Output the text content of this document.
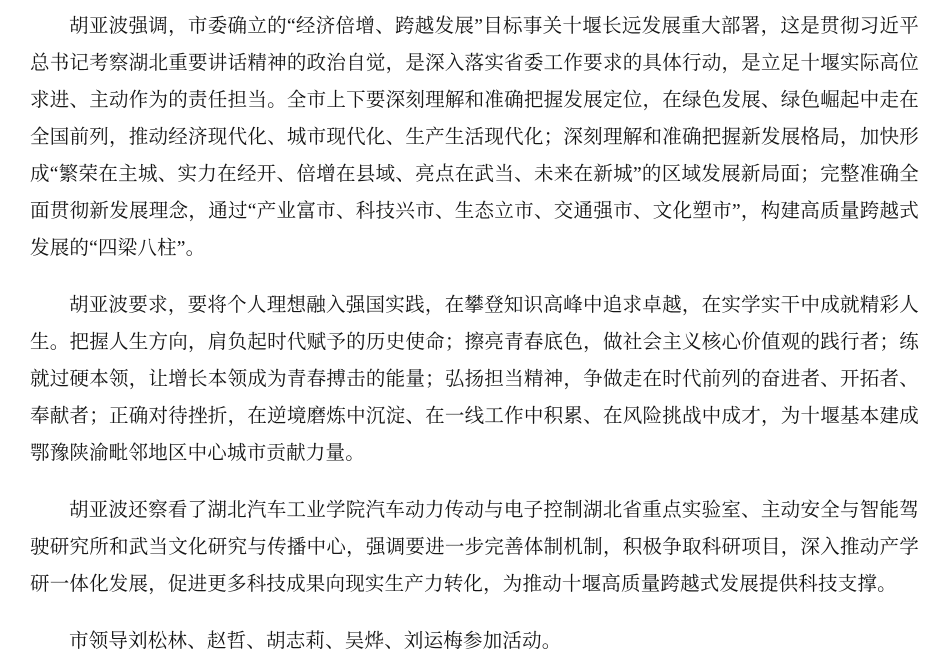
胡亚波强调，市委确立的“经济倍增、跨越发展”目标事关十堰长远发展重大部署，这是贯彻习近平总书记考察湖北重要讲话精神的政治自觉，是深入落实省委工作要求的具体行动，是立足十堰实际高位求进、主动作为的责任担当。全市上下要深刻理解和准确把握发展定位，在绿色发展、绿色崛起中走在全国前列，推动经济现代化、城市现代化、生产生活现代化；深刻理解和准确把握新发展格局，加快形成“繁荣在主城、实力在经开、倍增在县域、亮点在武当、未来在新城”的区域发展新局面；完整准确全面贯彻新发展理念，通过“产业富市、科技兴市、生态立市、交通强市、文化塑市”，构建高质量跨越式发展的“四梁八柱”。

胡亚波要求，要将个人理想融入强国实践，在攀登知识高峰中追求卓越，在实学实干中成就精彩人生。把握人生方向，肩负起时代赋予的历史使命；擦亮青春底色，做社会主义核心价值观的践行者；练就过硬本领，让增长本领成为青春搏击的能量；弘扬担当精神，争做走在时代前列的奋进者、开拓者、奉献者；正确对待挫折，在逆境磨炼中沉淀、在一线工作中积累、在风险挑战中成才，为十堰基本建成鄂豫陕渝毗邻地区中心城市贡献力量。

胡亚波还察看了湖北汽车工业学院汽车动力传动与电子控制湖北省重点实验室、主动安全与智能驾驶研究所和武当文化研究与传播中心，强调要进一步完善体制机制，积极争取科研项目，深入推动产学研一体化发展，促进更多科技成果向现实生产力转化，为推动十堰高质量跨越式发展提供科技支撑。

市领导刘松林、赵哲、胡志莉、吴烨、刘运梅参加活动。
